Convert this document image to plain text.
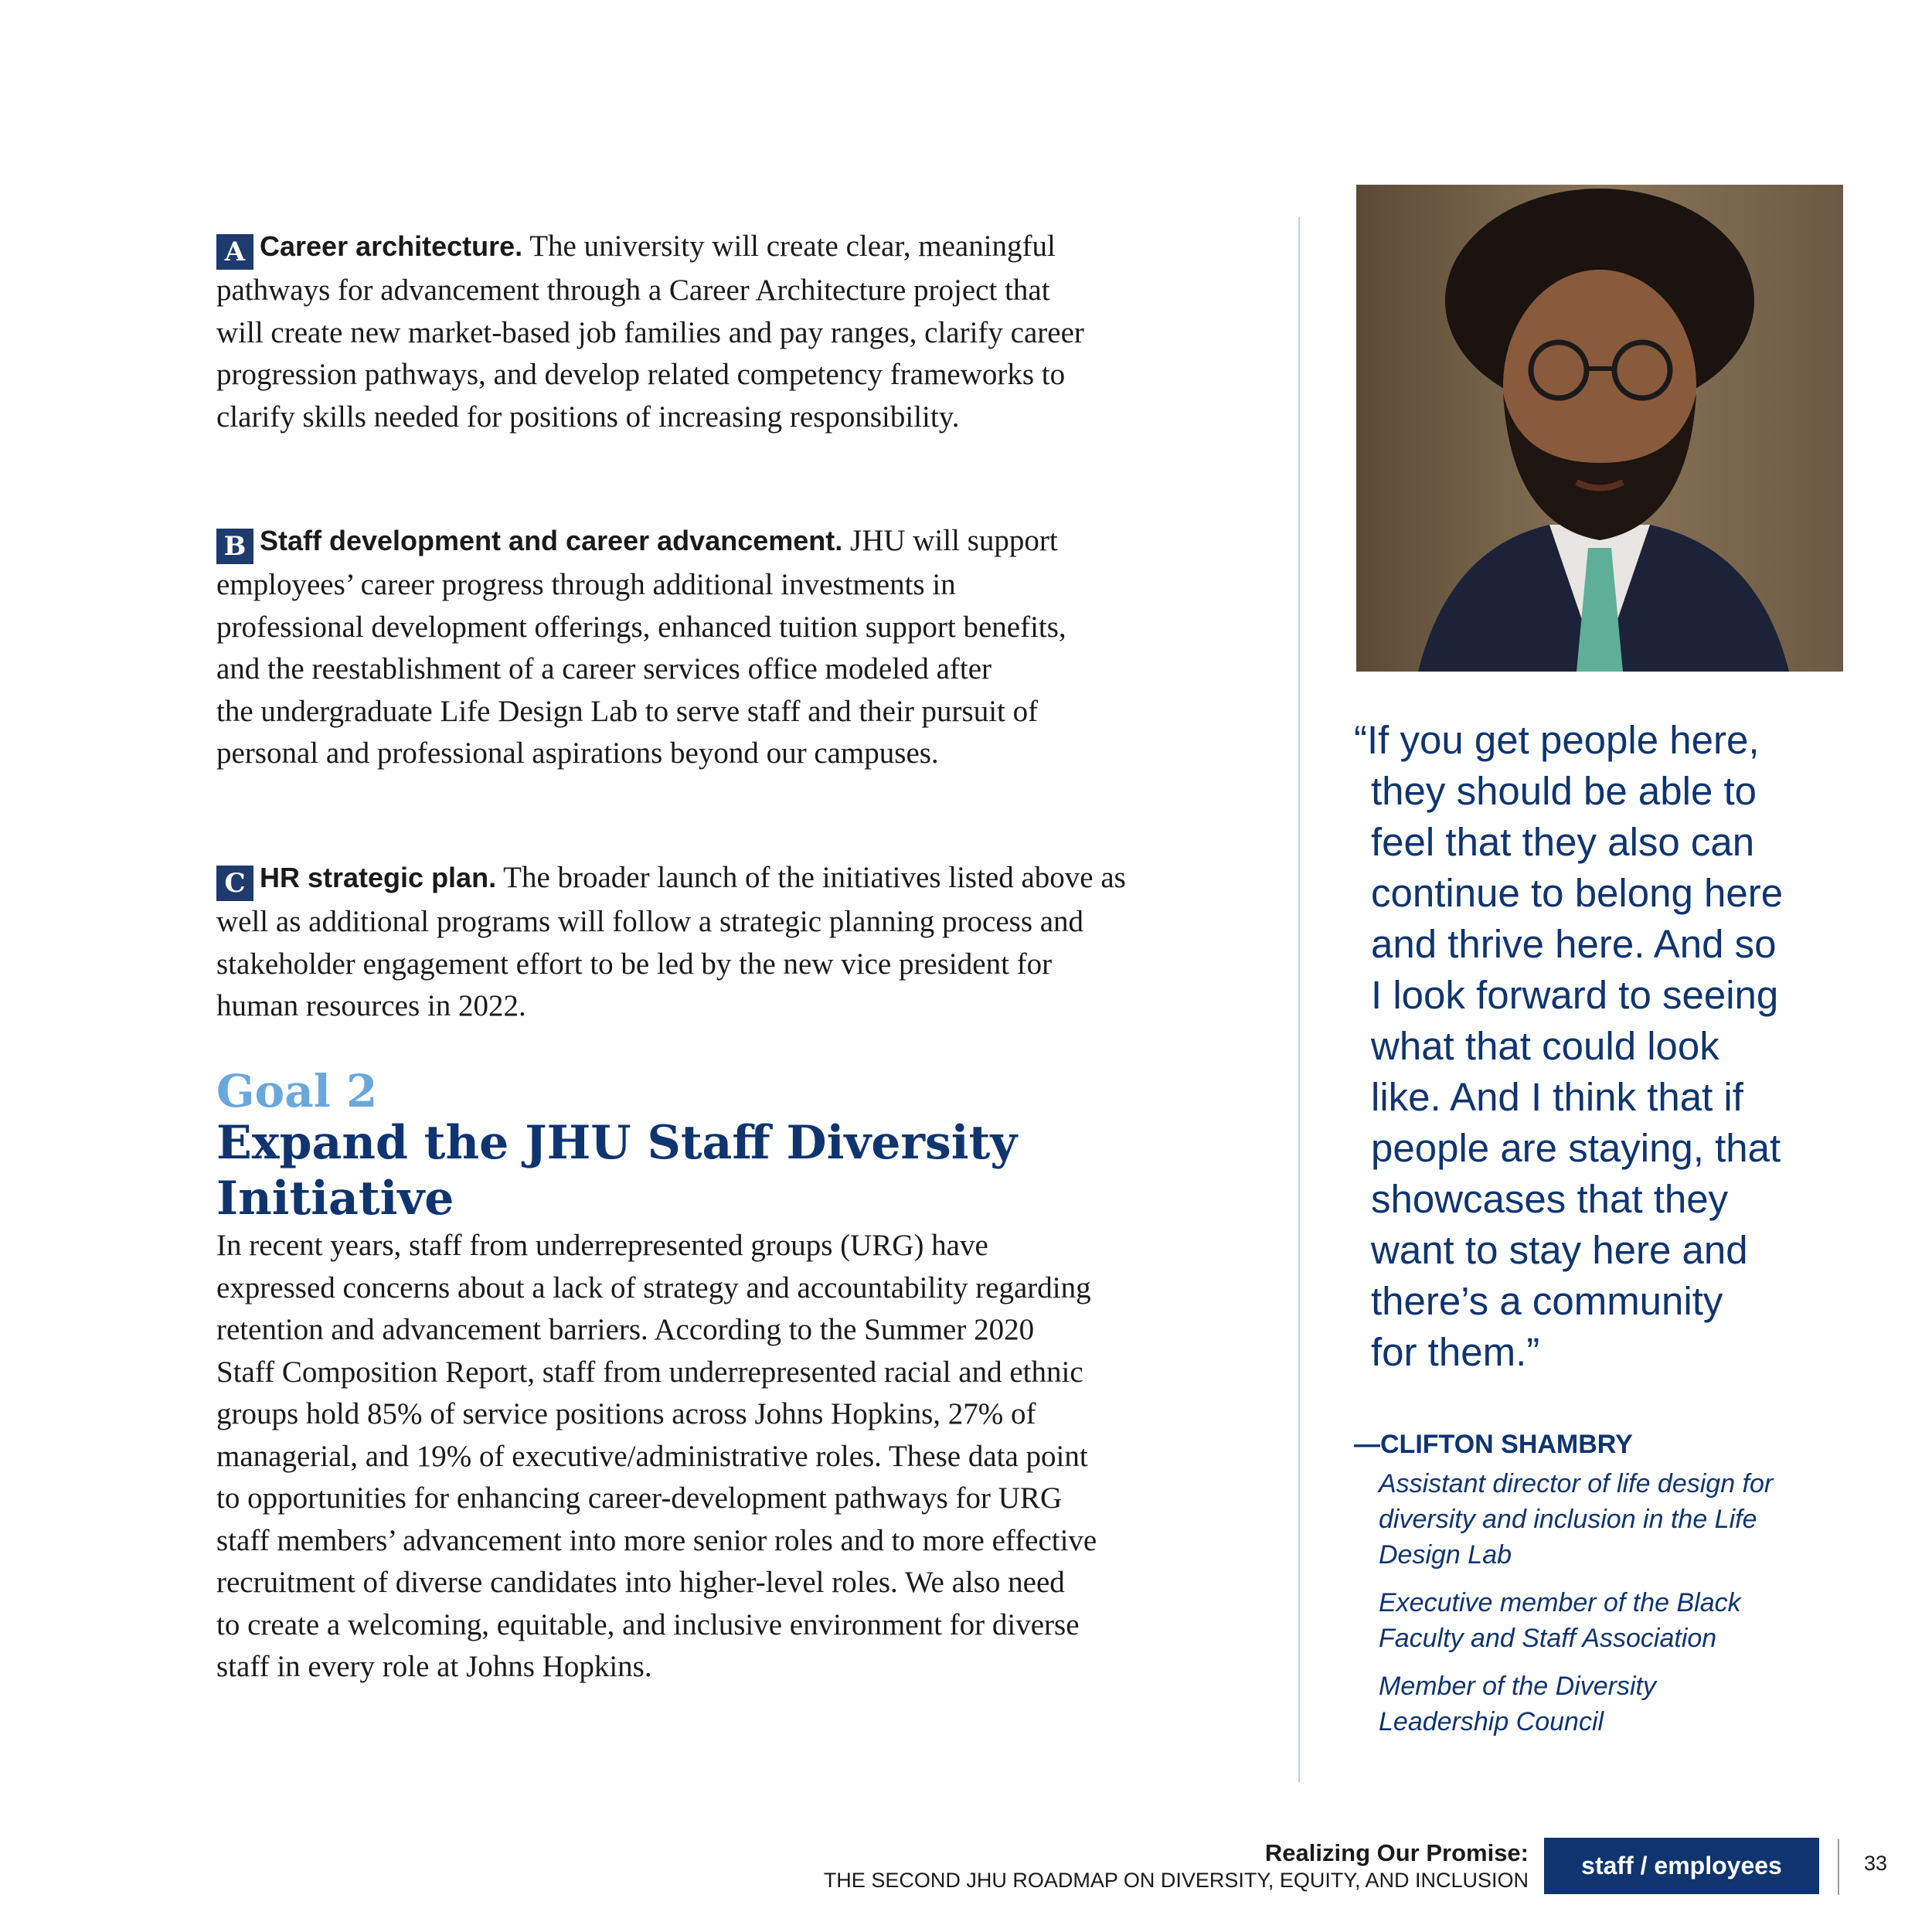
A Career architecture. The university will create clear, meaningful
pathways for advancement through a Career Architecture project that
will create new market-based job families and pay ranges, clarify career
progression pathways, and develop related competency frameworks to
clarify skills needed for positions of increasing responsibility.
B Staff development and career advancement. JHU will support
employees’ career progress through additional investments in
professional development offerings, enhanced tuition support benefits,
and the reestablishment of a career services office modeled after
the undergraduate Life Design Lab to serve staff and their pursuit of
personal and professional aspirations beyond our campuses.
C HR strategic plan. The broader launch of the initiatives listed above as
well as additional programs will follow a strategic planning process and
stakeholder engagement effort to be led by the new vice president for
human resources in 2022.
Goal 2
Expand the JHU Staff Diversity
Initiative
In recent years, staff from underrepresented groups (URG) have
expressed concerns about a lack of strategy and accountability regarding
retention and advancement barriers. According to the Summer 2020
Staff Composition Report, staff from underrepresented racial and ethnic
groups hold 85% of service positions across Johns Hopkins, 27% of
managerial, and 19% of executive/administrative roles. These data point
to opportunities for enhancing career-development pathways for URG
staff members’ advancement into more senior roles and to more effective
recruitment of diverse candidates into higher-level roles. We also need
to create a welcoming, equitable, and inclusive environment for diverse
staff in every role at Johns Hopkins.
“If you get people here,
they should be able to
feel that they also can
continue to belong here
and thrive here. And so
I look forward to seeing
what that could look
like. And I think that if
people are staying, that
showcases that they
want to stay here and
there’s a community
for them.”
—CLIFTON SHAMBRY
Assistant director of life design for
diversity and inclusion in the Life
Design Lab
Executive member of the Black
Faculty and Staff Association
Member of the Diversity
Leadership Council
Realizing Our Promise:
THE SECOND JHU ROADMAP ON DIVERSITY, EQUITY, AND INCLUSION
staff / employees	33
